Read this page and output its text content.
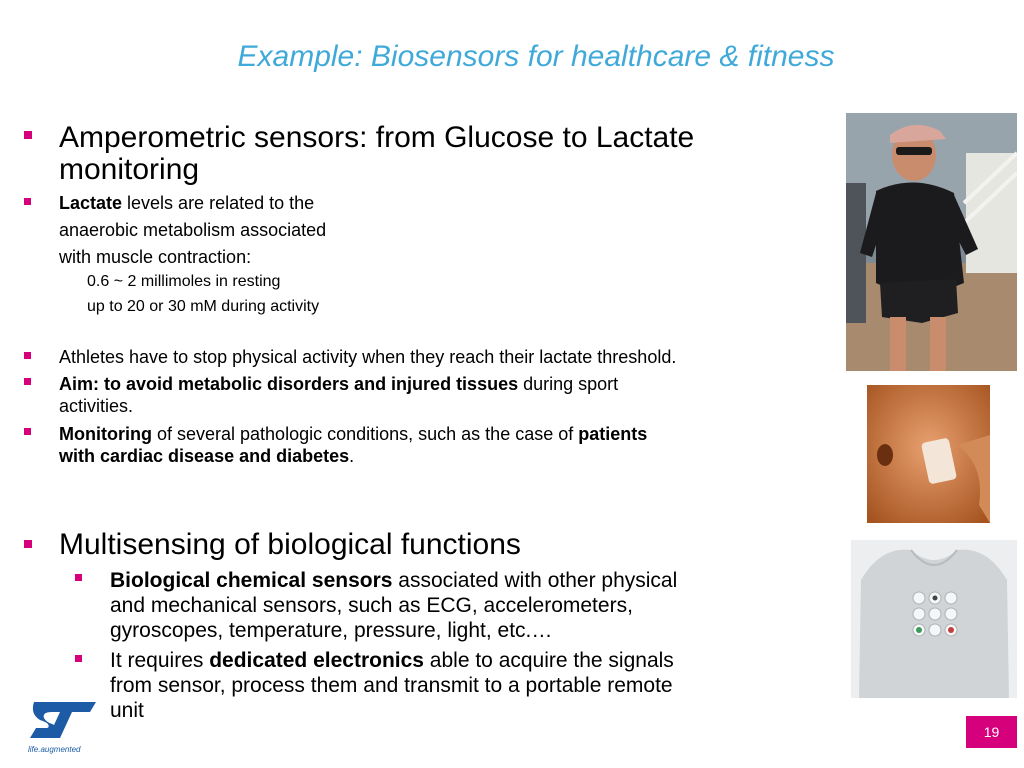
Example: Biosensors for healthcare & fitness
Amperometric sensors: from Glucose to Lactate
monitoring
Lactate levels are related to the
anaerobic metabolism associated
with muscle contraction:
0.6 ~ 2 millimoles in resting
up to 20 or 30 mM during activity
Athletes have to stop physical activity when they reach their lactate threshold.
Aim: to avoid metabolic disorders and injured tissues during sport
activities.
Monitoring of several pathologic conditions, such as the case of patients
with cardiac disease and diabetes.
Multisensing of biological functions
Biological chemical sensors associated with other physical
and mechanical sensors, such as ECG, accelerometers,
gyroscopes, temperature, pressure, light, etc.…
It requires dedicated electronics able to acquire the signals
from sensor, process them and transmit to a portable remote
unit
life.augmented
19
